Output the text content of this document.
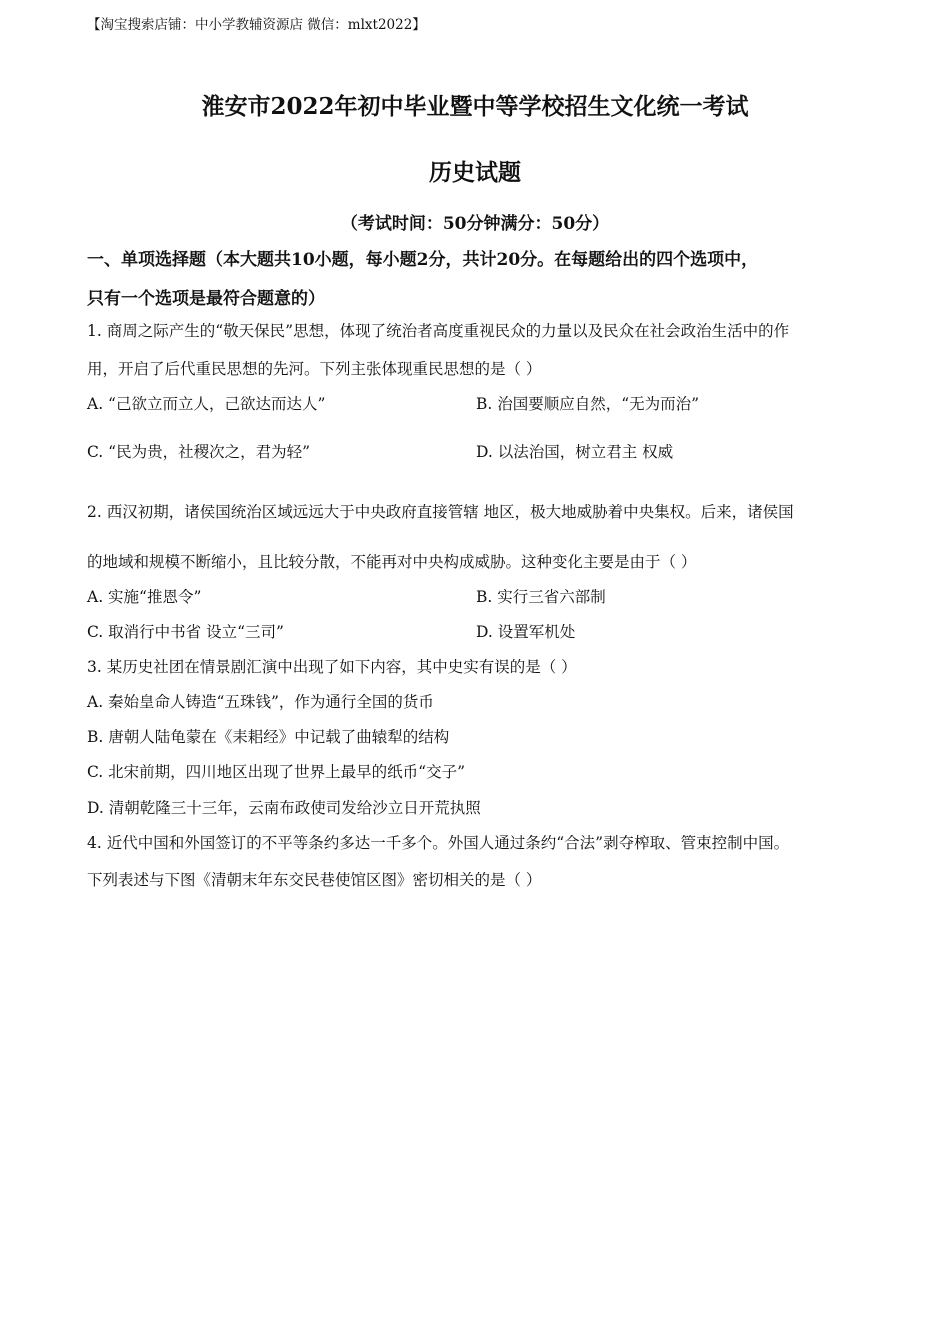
【淘宝搜索店铺：中小学教辅资源店 微信：mlxt2022】
淮安市2022年初中毕业暨中等学校招生文化统一考试
历史试题
（考试时间：50分钟满分：50分）
一、单项选择题（本大题共10小题，每小题2分，共计20分。在每题给出的四个选项中，
只有一个选项是最符合题意的）
1. 商周之际产生的“敬天保民”思想，体现了统治者高度重视民众的力量以及民众在社会政治生活中的作
用，开启了后代重民思想的先河。下列主张体现重民思想的是（ ）
A. “己欲立而立人，己欲达而达人”	B. 治国要顺应自然，“无为而治”
C. “民为贵，社稷次之，君为轻”	D. 以法治国，树立君主 权威
2. 西汉初期，诸侯国统治区域远远大于中央政府直接管辖 地区，极大地威胁着中央集权。后来，诸侯国
的地域和规模不断缩小，且比较分散，不能再对中央构成威胁。这种变化主要是由于（ ）
A. 实施“推恩令”	B. 实行三省六部制
C. 取消行中书省 设立“三司”	D. 设置军机处
3. 某历史社团在情景剧汇演中出现了如下内容，其中史实有误的是（ ）
A. 秦始皇命人铸造“五珠钱”，作为通行全国的货币
B. 唐朝人陆龟蒙在《耒耜经》中记载了曲辕犁的结构
C. 北宋前期，四川地区出现了世界上最早的纸币“交子”
D. 清朝乾隆三十三年，云南布政使司发给沙立日开荒执照
4. 近代中国和外国签订的不平等条约多达一千多个。外国人通过条约“合法”剥夺榨取、管束控制中国。
下列表述与下图《清朝末年东交民巷使馆区图》密切相关的是（ ）
